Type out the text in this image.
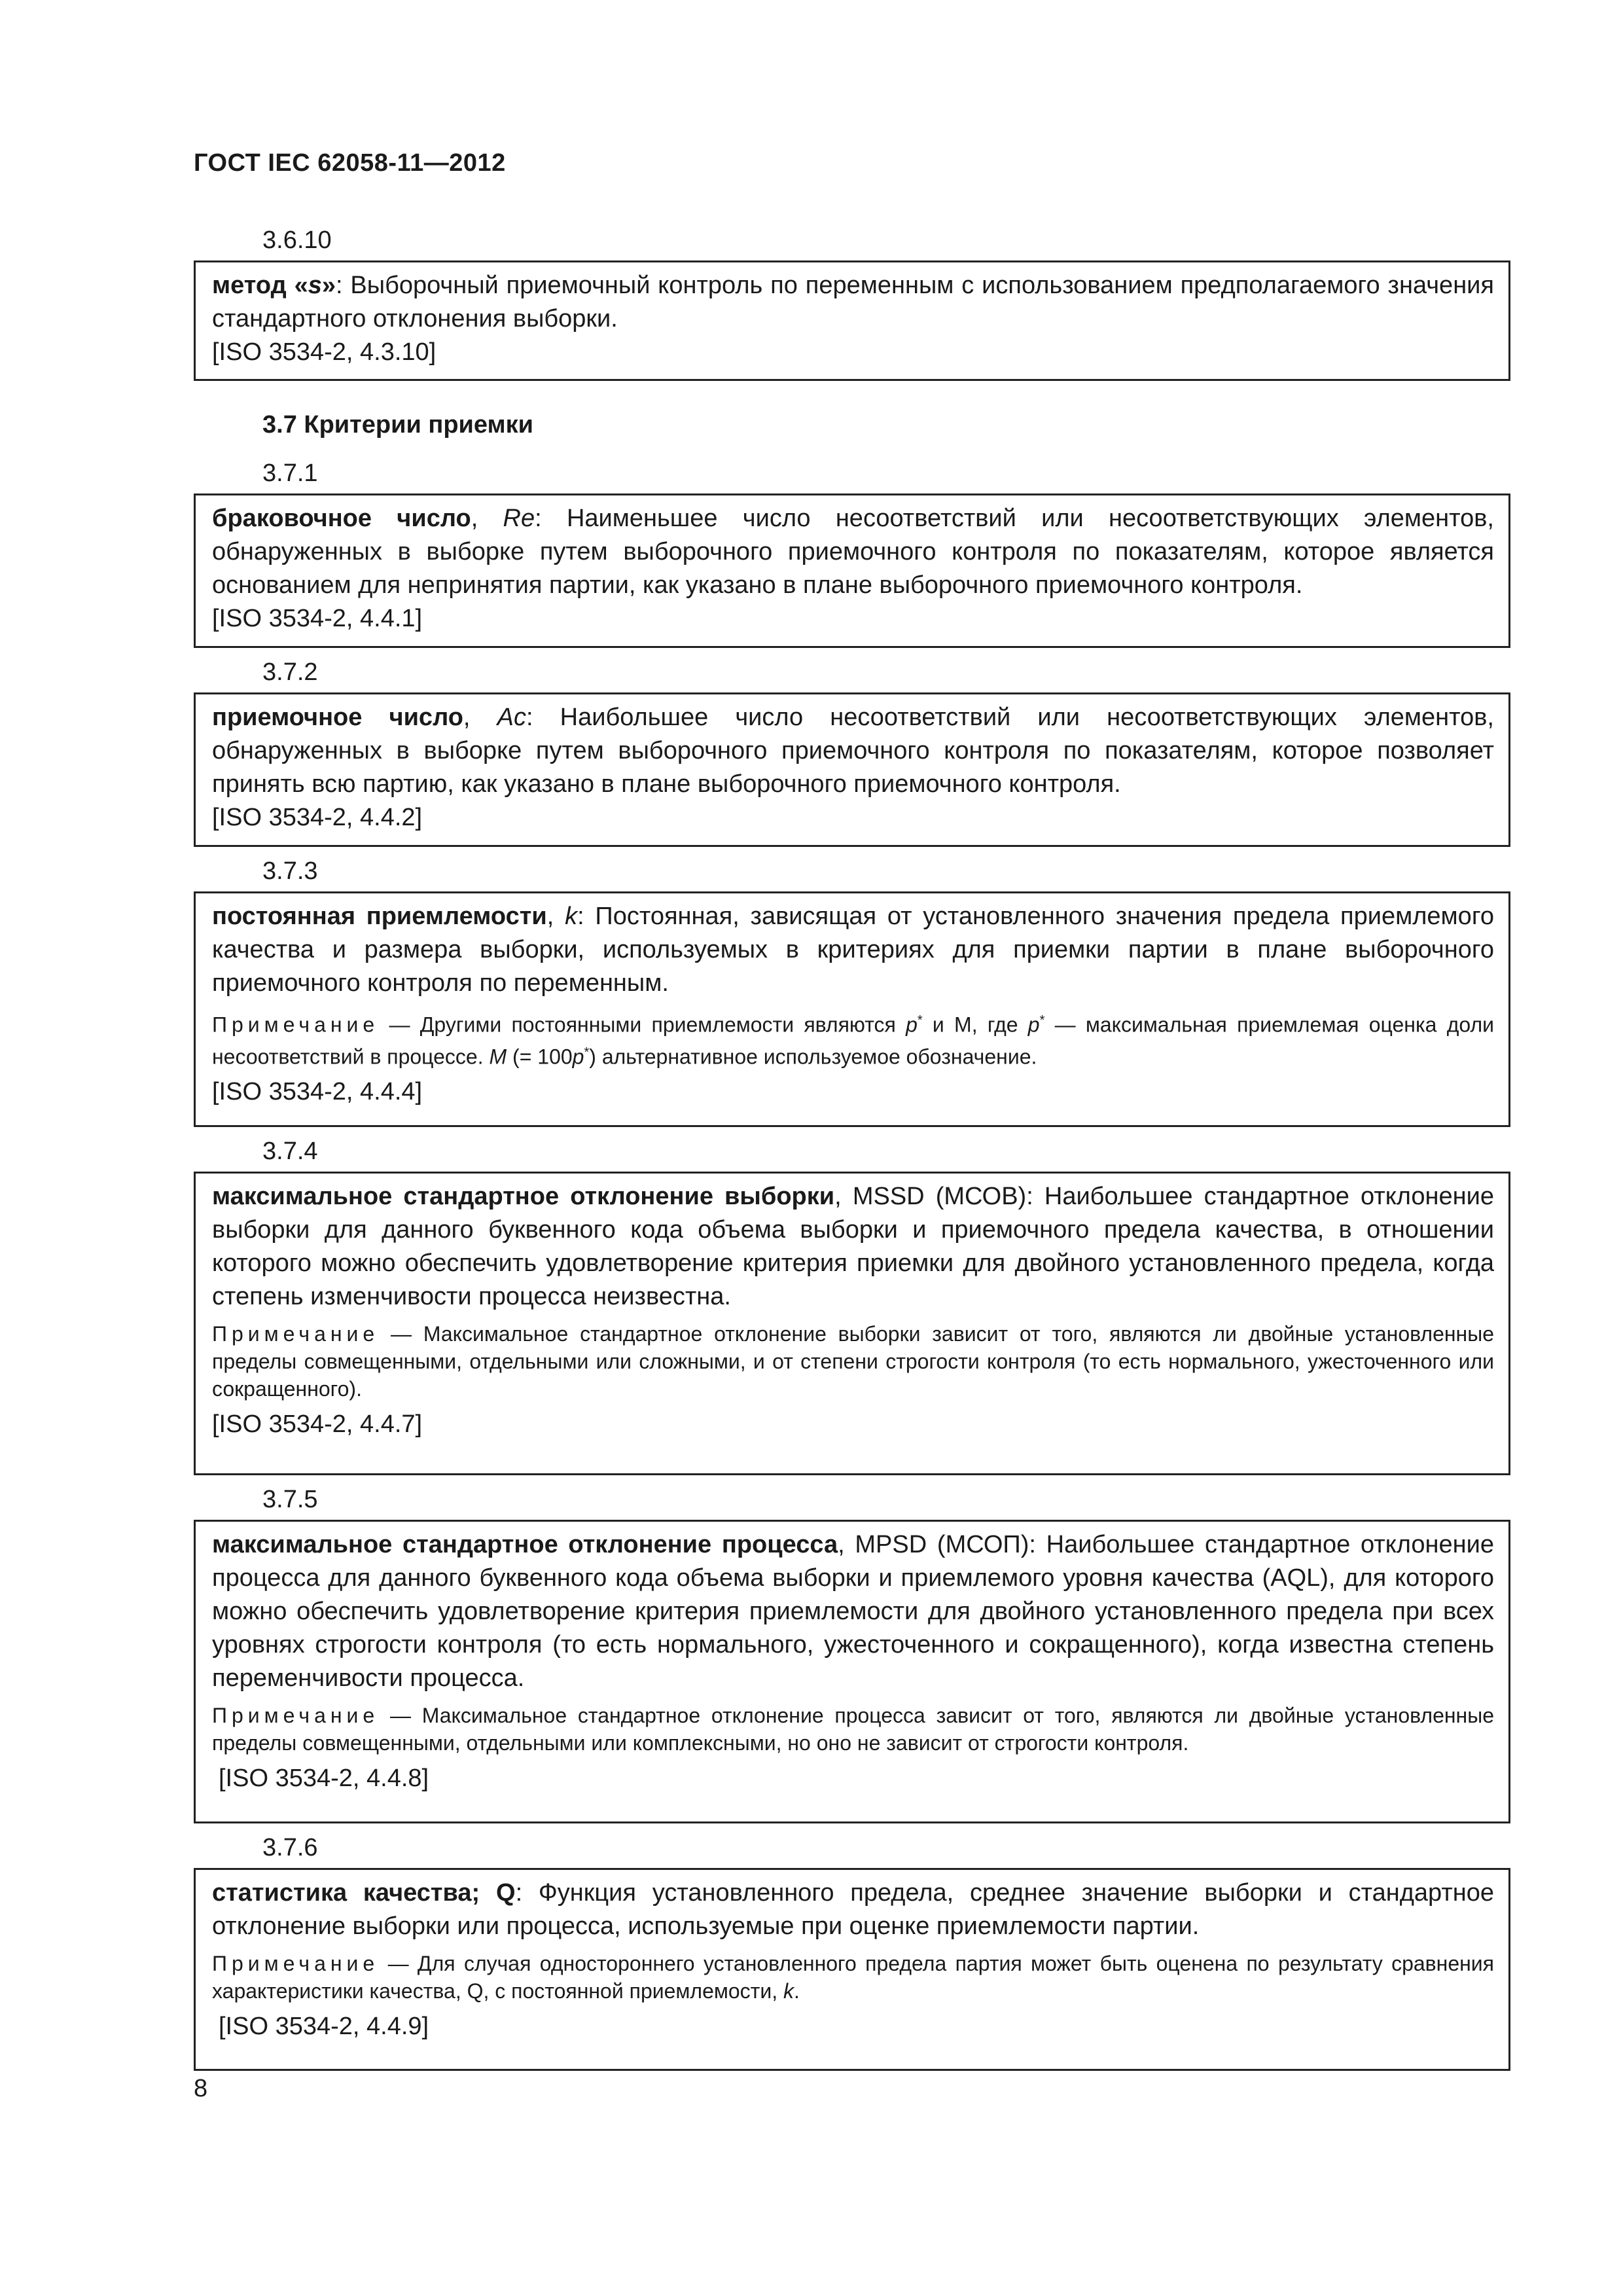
ГОСТ IEC 62058-11—2012
3.6.10

метод «s»: Выборочный приемочный контроль по переменным с использованием предполагаемого значения стандартного отклонения выборки.

[ISO 3534-2, 4.3.10]

3.7 Критерии приемки
3.7.1

браковочное число, Re: Наименьшее число несоответствий или несоответствующих элементов, обнаруженных в выборке путем выборочного приемочного контроля по показателям, которое является основанием для непринятия партии, как указано в плане выборочного приемочного контроля.

[ISO 3534-2, 4.4.1]

3.7.2

приемочное число, Ac: Наибольшее число несоответствий или несоответствующих элементов, обнаруженных в выборке путем выборочного приемочного контроля по показателям, которое позволяет принять всю партию, как указано в плане выборочного приемочного контроля.

[ISO 3534-2, 4.4.2]

3.7.3

постоянная приемлемости, k: Постоянная, зависящая от установленного значения предела приемлемого качества и размера выборки, используемых в критериях для приемки партии в плане выборочного приемочного контроля по переменным.

Примечание — Другими постоянными приемлемости являются p* и М, где p* — максимальная приемлемая оценка доли несоответствий в процессе. M (= 100p*) альтернативное используемое обозначение.

[ISO 3534-2, 4.4.4]

3.7.4

максимальное стандартное отклонение выборки, MSSD (МСОВ): Наибольшее стандартное отклонение выборки для данного буквенного кода объема выборки и приемочного предела качества, в отношении которого можно обеспечить удовлетворение критерия приемки для двойного установленного предела, когда степень изменчивости процесса неизвестна.

Примечание — Максимальное стандартное отклонение выборки зависит от того, являются ли двойные установленные пределы совмещенными, отдельными или сложными, и от степени строгости контроля (то есть нормального, ужесточенного или сокращенного).

[ISO 3534-2, 4.4.7]

3.7.5

максимальное стандартное отклонение процесса, MPSD (МСОП): Наибольшее стандартное отклонение процесса для данного буквенного кода объема выборки и приемлемого уровня качества (AQL), для которого можно обеспечить удовлетворение критерия приемлемости для двойного установленного предела при всех уровнях строгости контроля (то есть нормального, ужесточенного и сокращенного), когда известна степень переменчивости процесса.

Примечание — Максимальное стандартное отклонение процесса зависит от того, являются ли двойные установленные пределы совмещенными, отдельными или комплексными, но оно не зависит от строгости контроля.

[ISO 3534-2, 4.4.8]

3.7.6

статистика качества; Q: Функция установленного предела, среднее значение выборки и стандартное отклонение выборки или процесса, используемые при оценке приемлемости партии.

Примечание — Для случая одностороннего установленного предела партия может быть оценена по результату сравнения характеристики качества, Q, с постоянной приемлемости, k.

[ISO 3534-2, 4.4.9]

8
